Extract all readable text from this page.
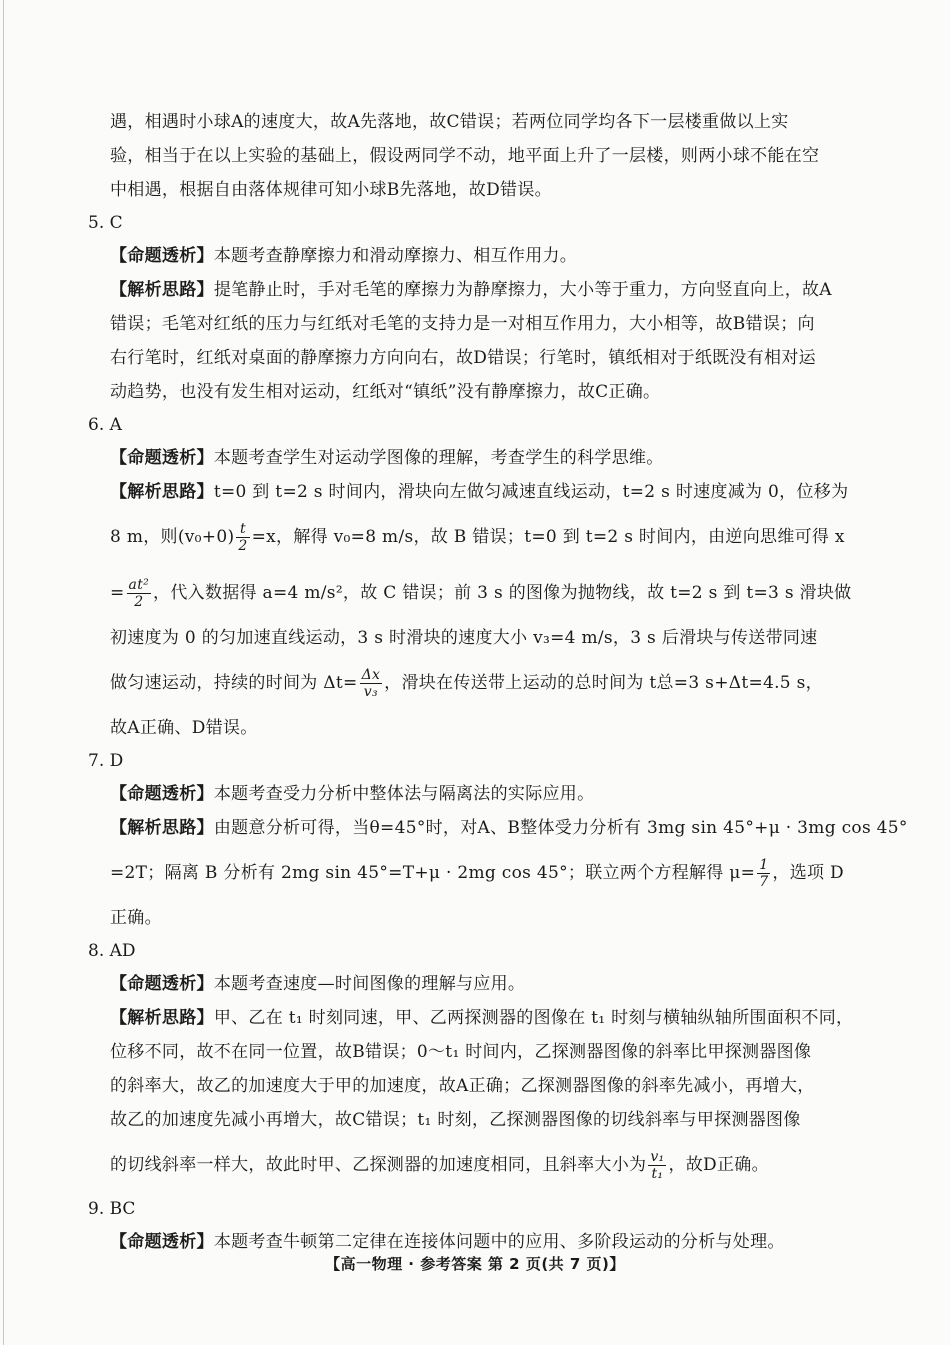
遇，相遇时小球A的速度大，故A先落地，故C错误；若两位同学均各下一层楼重做以上实
验，相当于在以上实验的基础上，假设两同学不动，地平面上升了一层楼，则两小球不能在空
中相遇，根据自由落体规律可知小球B先落地，故D错误。
5. C
【命题透析】本题考查静摩擦力和滑动摩擦力、相互作用力。
【解析思路】提笔静止时，手对毛笔的摩擦力为静摩擦力，大小等于重力，方向竖直向上，故A
错误；毛笔对红纸的压力与红纸对毛笔的支持力是一对相互作用力，大小相等，故B错误；向
右行笔时，红纸对桌面的静摩擦力方向向右，故D错误；行笔时，镇纸相对于纸既没有相对运
动趋势，也没有发生相对运动，红纸对“镇纸”没有静摩擦力，故C正确。
6. A
【命题透析】本题考查学生对运动学图像的理解，考查学生的科学思维。
【解析思路】t=0 到 t=2 s 时间内，滑块向左做匀减速直线运动，t=2 s 时速度减为 0，位移为
8 m，则$(v_0+0) \frac{t}{2} =x$，解得 v₀=8 m/s，故 B 错误；t=0 到 t=2 s 时间内，由逆向思维可得 x
= $\frac{\text{at²}}{2}$ ，代入数据得 a=4 m/s²，故 C 错误；前 3 s 的图像为抛物线，故 t=2 s 到 t=3 s 滑块做
初速度为 0 的匀加速直线运动，3 s 时滑块的速度大小 v₃=4 m/s，3 s 后滑块与传送带同速
做匀速运动，持续的时间为 $\Delta t= \frac{\Delta x}{\text{v₃}}$ ，滑块在传送带上运动的总时间为 t总=3 s+Δt=4.5 s，
故A正确、D错误。
7. D
【命题透析】本题考查受力分析中整体法与隔离法的实际应用。
【解析思路】由题意分析可得，当θ=45°时，对A、B整体受力分析有 3mg sin 45°+μ · 3mg cos 45°
=2T；隔离 B 分析有 2mg sin 45°=T+μ · 2mg cos 45°；联立两个方程解得 $\mu= \frac{1}{7}$ ，选项 D
正确。
8. AD
【命题透析】本题考查速度—时间图像的理解与应用。
【解析思路】甲、乙在 t₁ 时刻同速，甲、乙两探测器的图像在 t₁ 时刻与横轴纵轴所围面积不同，
位移不同，故不在同一位置，故B错误；0～t₁ 时间内，乙探测器图像的斜率比甲探测器图像
的斜率大，故乙的加速度大于甲的加速度，故A正确；乙探测器图像的斜率先减小，再增大，
故乙的加速度先减小再增大，故C错误；t₁ 时刻，乙探测器图像的切线斜率与甲探测器图像
的切线斜率一样大，故此时甲、乙探测器的加速度相同，且斜率大小为 $\frac{\text{v₁}}{\text{t₁}}$ ，故D正确。
9. BC
【命题透析】本题考查牛顿第二定律在连接体问题中的应用、多阶段运动的分析与处理。
【高一物理 · 参考答案 第 2 页(共 7 页)】
